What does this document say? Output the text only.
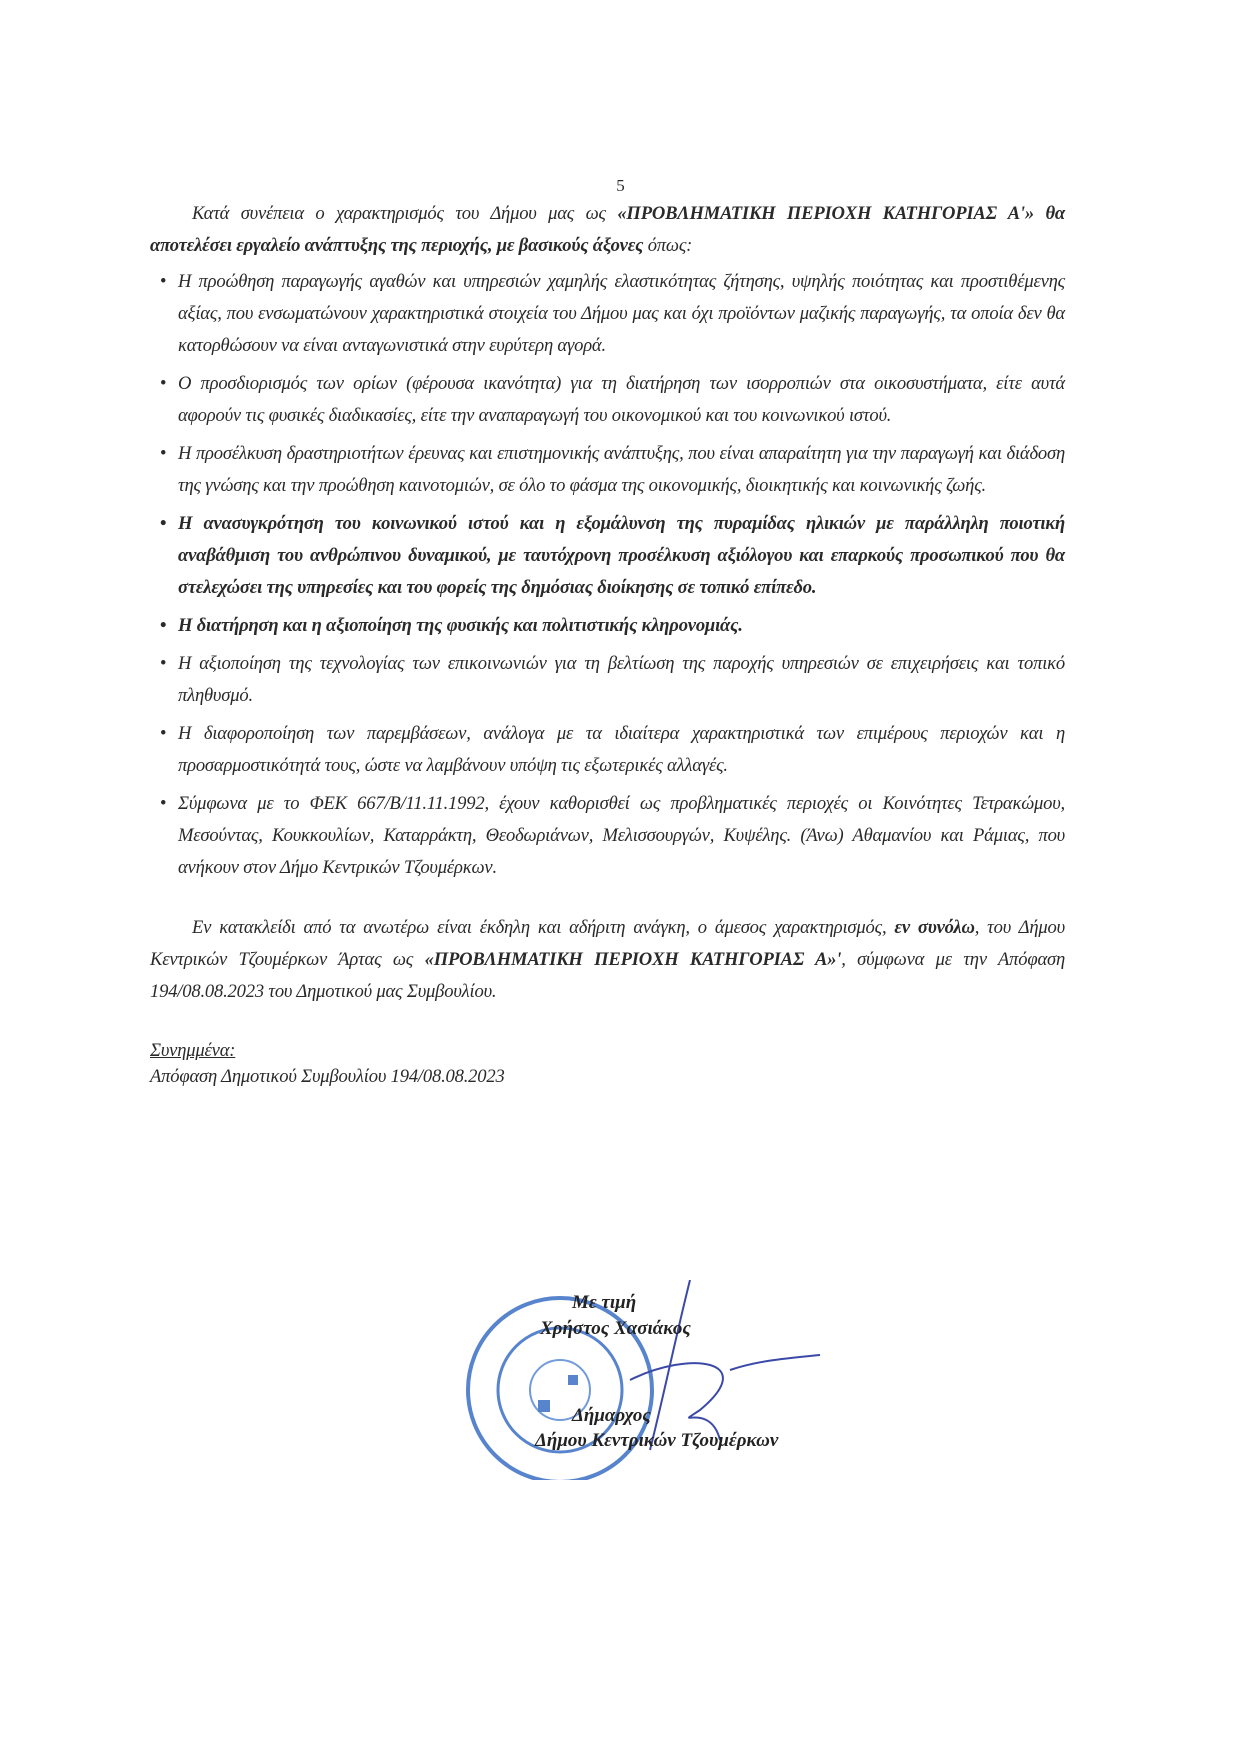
5

Κατά συνέπεια ο χαρακτηρισμός του Δήμου μας ως «ΠΡΟΒΛΗΜΑΤΙΚΗ ΠΕΡΙΟΧΗ ΚΑΤΗΓΟΡΙΑΣ Α'» θα αποτελέσει εργαλείο ανάπτυξης της περιοχής, με βασικούς άξονες όπως:

• Η προώθηση παραγωγής αγαθών και υπηρεσιών χαμηλής ελαστικότητας ζήτησης, υψηλής ποιότητας και προστιθέμενης αξίας, που ενσωματώνουν χαρακτηριστικά στοιχεία του Δήμου μας και όχι προϊόντων μαζικής παραγωγής, τα οποία δεν θα κατορθώσουν να είναι ανταγωνιστικά στην ευρύτερη αγορά.
• Ο προσδιορισμός των ορίων (φέρουσα ικανότητα) για τη διατήρηση των ισορροπιών στα οικοσυστήματα, είτε αυτά αφορούν τις φυσικές διαδικασίες, είτε την αναπαραγωγή του οικονομικού και του κοινωνικού ιστού.
• Η προσέλκυση δραστηριοτήτων έρευνας και επιστημονικής ανάπτυξης, που είναι απαραίτητη για την παραγωγή και διάδοση της γνώσης και την προώθηση καινοτομιών, σε όλο το φάσμα της οικονομικής, διοικητικής και κοινωνικής ζωής.
• Η ανασυγκρότηση του κοινωνικού ιστού και η εξομάλυνση της πυραμίδας ηλικιών με παράλληλη ποιοτική αναβάθμιση του ανθρώπινου δυναμικού, με ταυτόχρονη προσέλκυση αξιόλογου και επαρκούς προσωπικού που θα στελεχώσει της υπηρεσίες και του φορείς της δημόσιας διοίκησης σε τοπικό επίπεδο.
• Η διατήρηση και η αξιοποίηση της φυσικής και πολιτιστικής κληρονομιάς.
• Η αξιοποίηση της τεχνολογίας των επικοινωνιών για τη βελτίωση της παροχής υπηρεσιών σε επιχειρήσεις και τοπικό πληθυσμό.
• Η διαφοροποίηση των παρεμβάσεων, ανάλογα με τα ιδιαίτερα χαρακτηριστικά των επιμέρους περιοχών και η προσαρμοστικότητά τους, ώστε να λαμβάνουν υπόψη τις εξωτερικές αλλαγές.
• Σύμφωνα με το ΦΕΚ 667/Β/11.11.1992, έχουν καθορισθεί ως προβληματικές περιοχές οι Κοινότητες Τετρακώμου, Μεσούντας, Κουκκουλίων, Καταρράκτη, Θεοδωριάνων, Μελισσουργών, Κυψέλης. (Άνω) Αθαμανίου και Ράμιας, που ανήκουν στον Δήμο Κεντρικών Τζουμέρκων.

Εν κατακλείδι από τα ανωτέρω είναι έκδηλη και αδήριτη ανάγκη, ο άμεσος χαρακτηρισμός, εν συνόλω, του Δήμου Κεντρικών Τζουμέρκων Άρτας ως «ΠΡΟΒΛΗΜΑΤΙΚΗ ΠΕΡΙΟΧΗ ΚΑΤΗΓΟΡΙΑΣ Α»', σύμφωνα με την Απόφαση 194/08.08.2023 του Δημοτικού μας Συμβουλίου.

Συνημμένα:
Απόφαση Δημοτικού Συμβουλίου 194/08.08.2023
Με τιμή
Χρήστος Χασιάκος
Δήμαρχος
Δήμου Κεντρικών Τζουμέρκων
